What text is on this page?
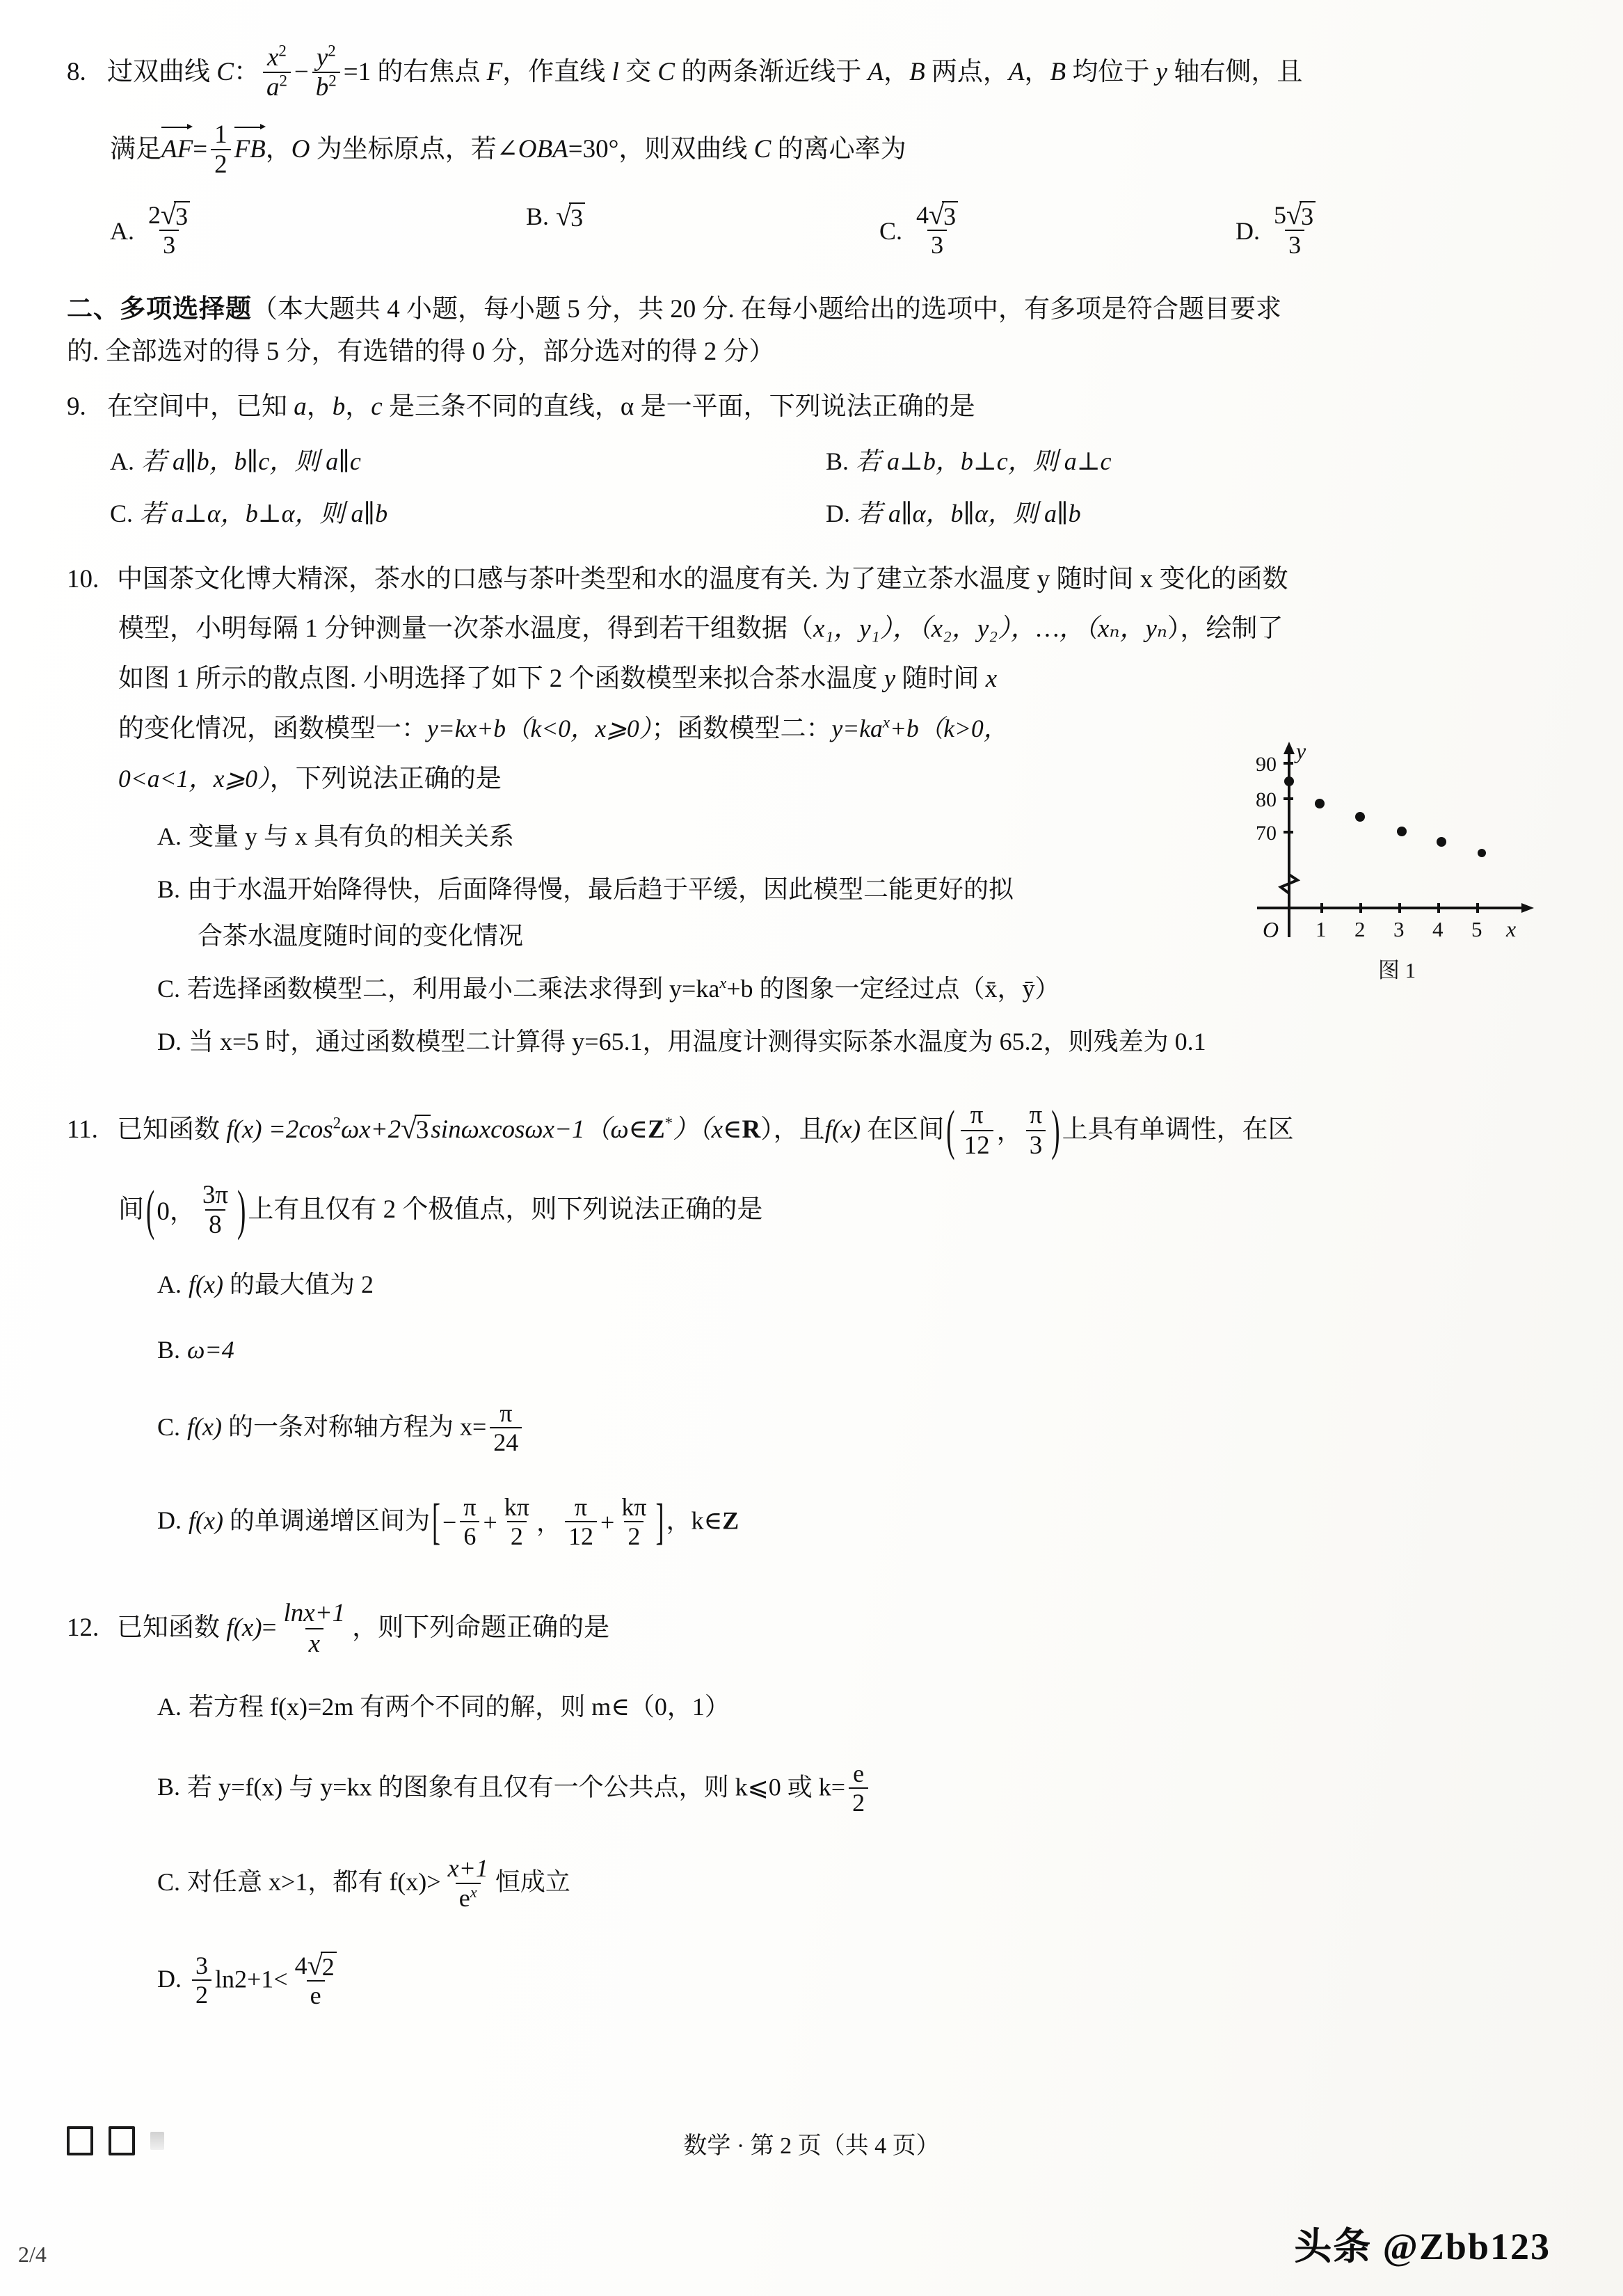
8. 过双曲线 C： $\frac{x^2}{a^2} - \frac{y^2}{b^2} =1$ 的右焦点 F，作直线 l 交 C 的两条渐近线于 A，B 两点，A，B 均位于 y 轴右侧，且
满足$AF= \frac{1}{2}$ FB，O 为坐标原点，若∠OBA=30°，则双曲线 C 的离心率为
A. $\frac{2 √ 3}{3}$	B. √ 3	C. $\frac{4 √ 3}{3}$	D. $\frac{5 √ 3}{3}$
二、多项选择题（本大题共 4 小题，每小题 5 分，共 20 分. 在每小题给出的选项中，有多项是符合题目要求
的. 全部选对的得 5 分，有选错的得 0 分，部分选对的得 2 分）
9. 在空间中，已知 a，b，c 是三条不同的直线，α 是一平面，下列说法正确的是
A. 若 a∥b，b∥c，则 a∥c	B. 若 a⊥b，b⊥c，则 a⊥c
C. 若 a⊥α，b⊥α，则 a∥b	D. 若 a∥α，b∥α，则 a∥b
10. 中国茶文化博大精深，茶水的口感与茶叶类型和水的温度有关. 为了建立茶水温度 y 随时间 x 变化的函数
模型，小明每隔 1 分钟测量一次茶水温度，得到若干组数据（x₁，y₁），（x₂，y₂），…，（xₙ，yₙ），绘制了
如图 1 所示的散点图. 小明选择了如下 2 个函数模型来拟合茶水温度 y 随时间 x
的变化情况，函数模型一：y=kx+b（k<0，x⩾0）；函数模型二：$y=ka^x+b(k>0$，
0<a<1，x⩾0），下列说法正确的是
A. 变量 y 与 x 具有负的相关关系
B. 由于水温开始降得快，后面降得慢，最后趋于平缓，因此模型二能更好的拟
合茶水温度随时间的变化情况
C. 若选择函数模型二，利用最小二乘法求得到 $y=ka^x+b$ 的图象一定经过点（x̄，ȳ）
D. 当 x=5 时，通过函数模型二计算得 y=65.1，用温度计测得实际茶水温度为 65.2，则残差为 0.1
11. 已知函数 $f(x) =2\cos^2\omega x+2$ √ 3 sinωxcosωx−1（ω∈Z*）（x∈R），且f(x) 在区间 ( $\frac{\pi}{12}$ ， $\frac{\pi}{3}$ ) 上具有单调性，在区
间 ( 0， $\frac{3\pi}{8}$ ) 上有且仅有 2 个极值点，则下列说法正确的是
A. f(x) 的最大值为 2
B. ω=4
C. f(x) 的一条对称轴方程为 $x= \frac{\pi}{24}$
D. f(x) 的单调递增区间为 [ − $\frac{\pi}{6} + \frac{k\pi}{2}$ ， $\frac{\pi}{12} + \frac{k\pi}{2}$ ] ，k∈Z
12. 已知函数 $f(x)= \frac{\ln x+1}{x}$ ，则下列命题正确的是
A. 若方程 f(x)=2m 有两个不同的解，则 m∈（0，1）
B. 若 y=f(x) 与 y=kx 的图象有且仅有一个公共点，则 k⩽0 或 $k= \frac{e}{2}$
C. 对任意 x>1，都有 $f(x)> \frac{x+1}{e^x}$ 恒成立
D. $\frac{3}{2} \ln 2+1< \frac{4 √ 2}{e}$
90
80
70
1 2 3 4 5
y
x
O
图 1
数学 · 第 2 页（共 4 页）
2/4	头条 @Zbb123
